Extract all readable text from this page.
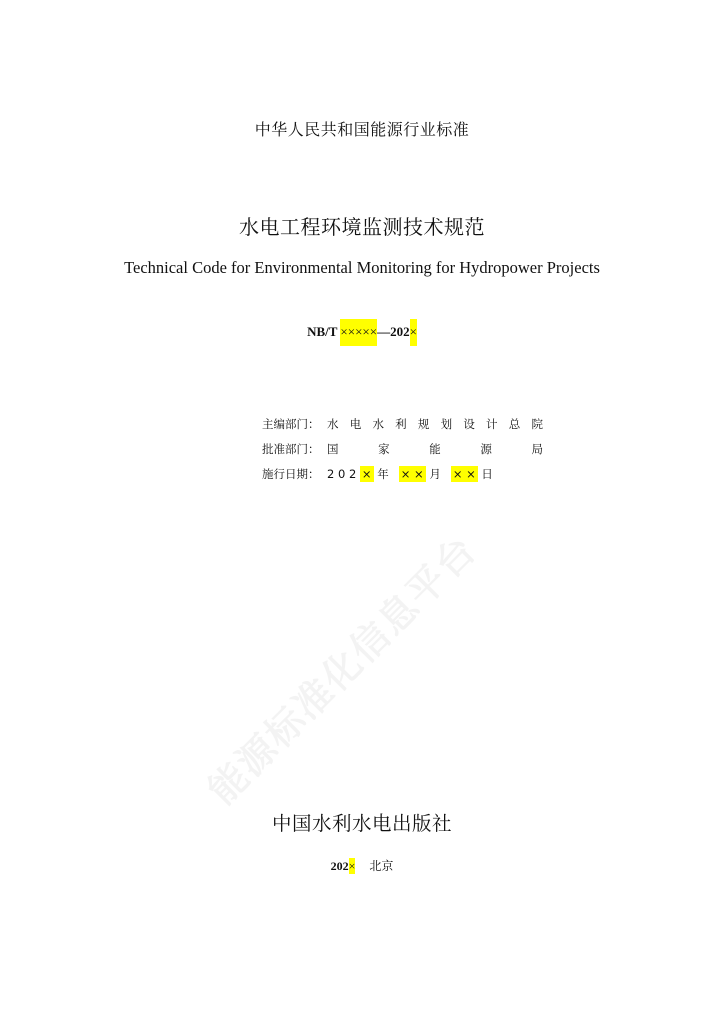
中华人民共和国能源行业标准
水电工程环境监测技术规范
Technical Code for Environmental Monitoring for Hydropower Projects
NB/T ×××××—202×
主编部门： 水 电 水 利 规 划 设 计 总 院
批准部门： 国	家	能	源	局
施行日期： 2 0 2 × 年 × × 月 × × 日
中国水利水电出版社
202× 北京
